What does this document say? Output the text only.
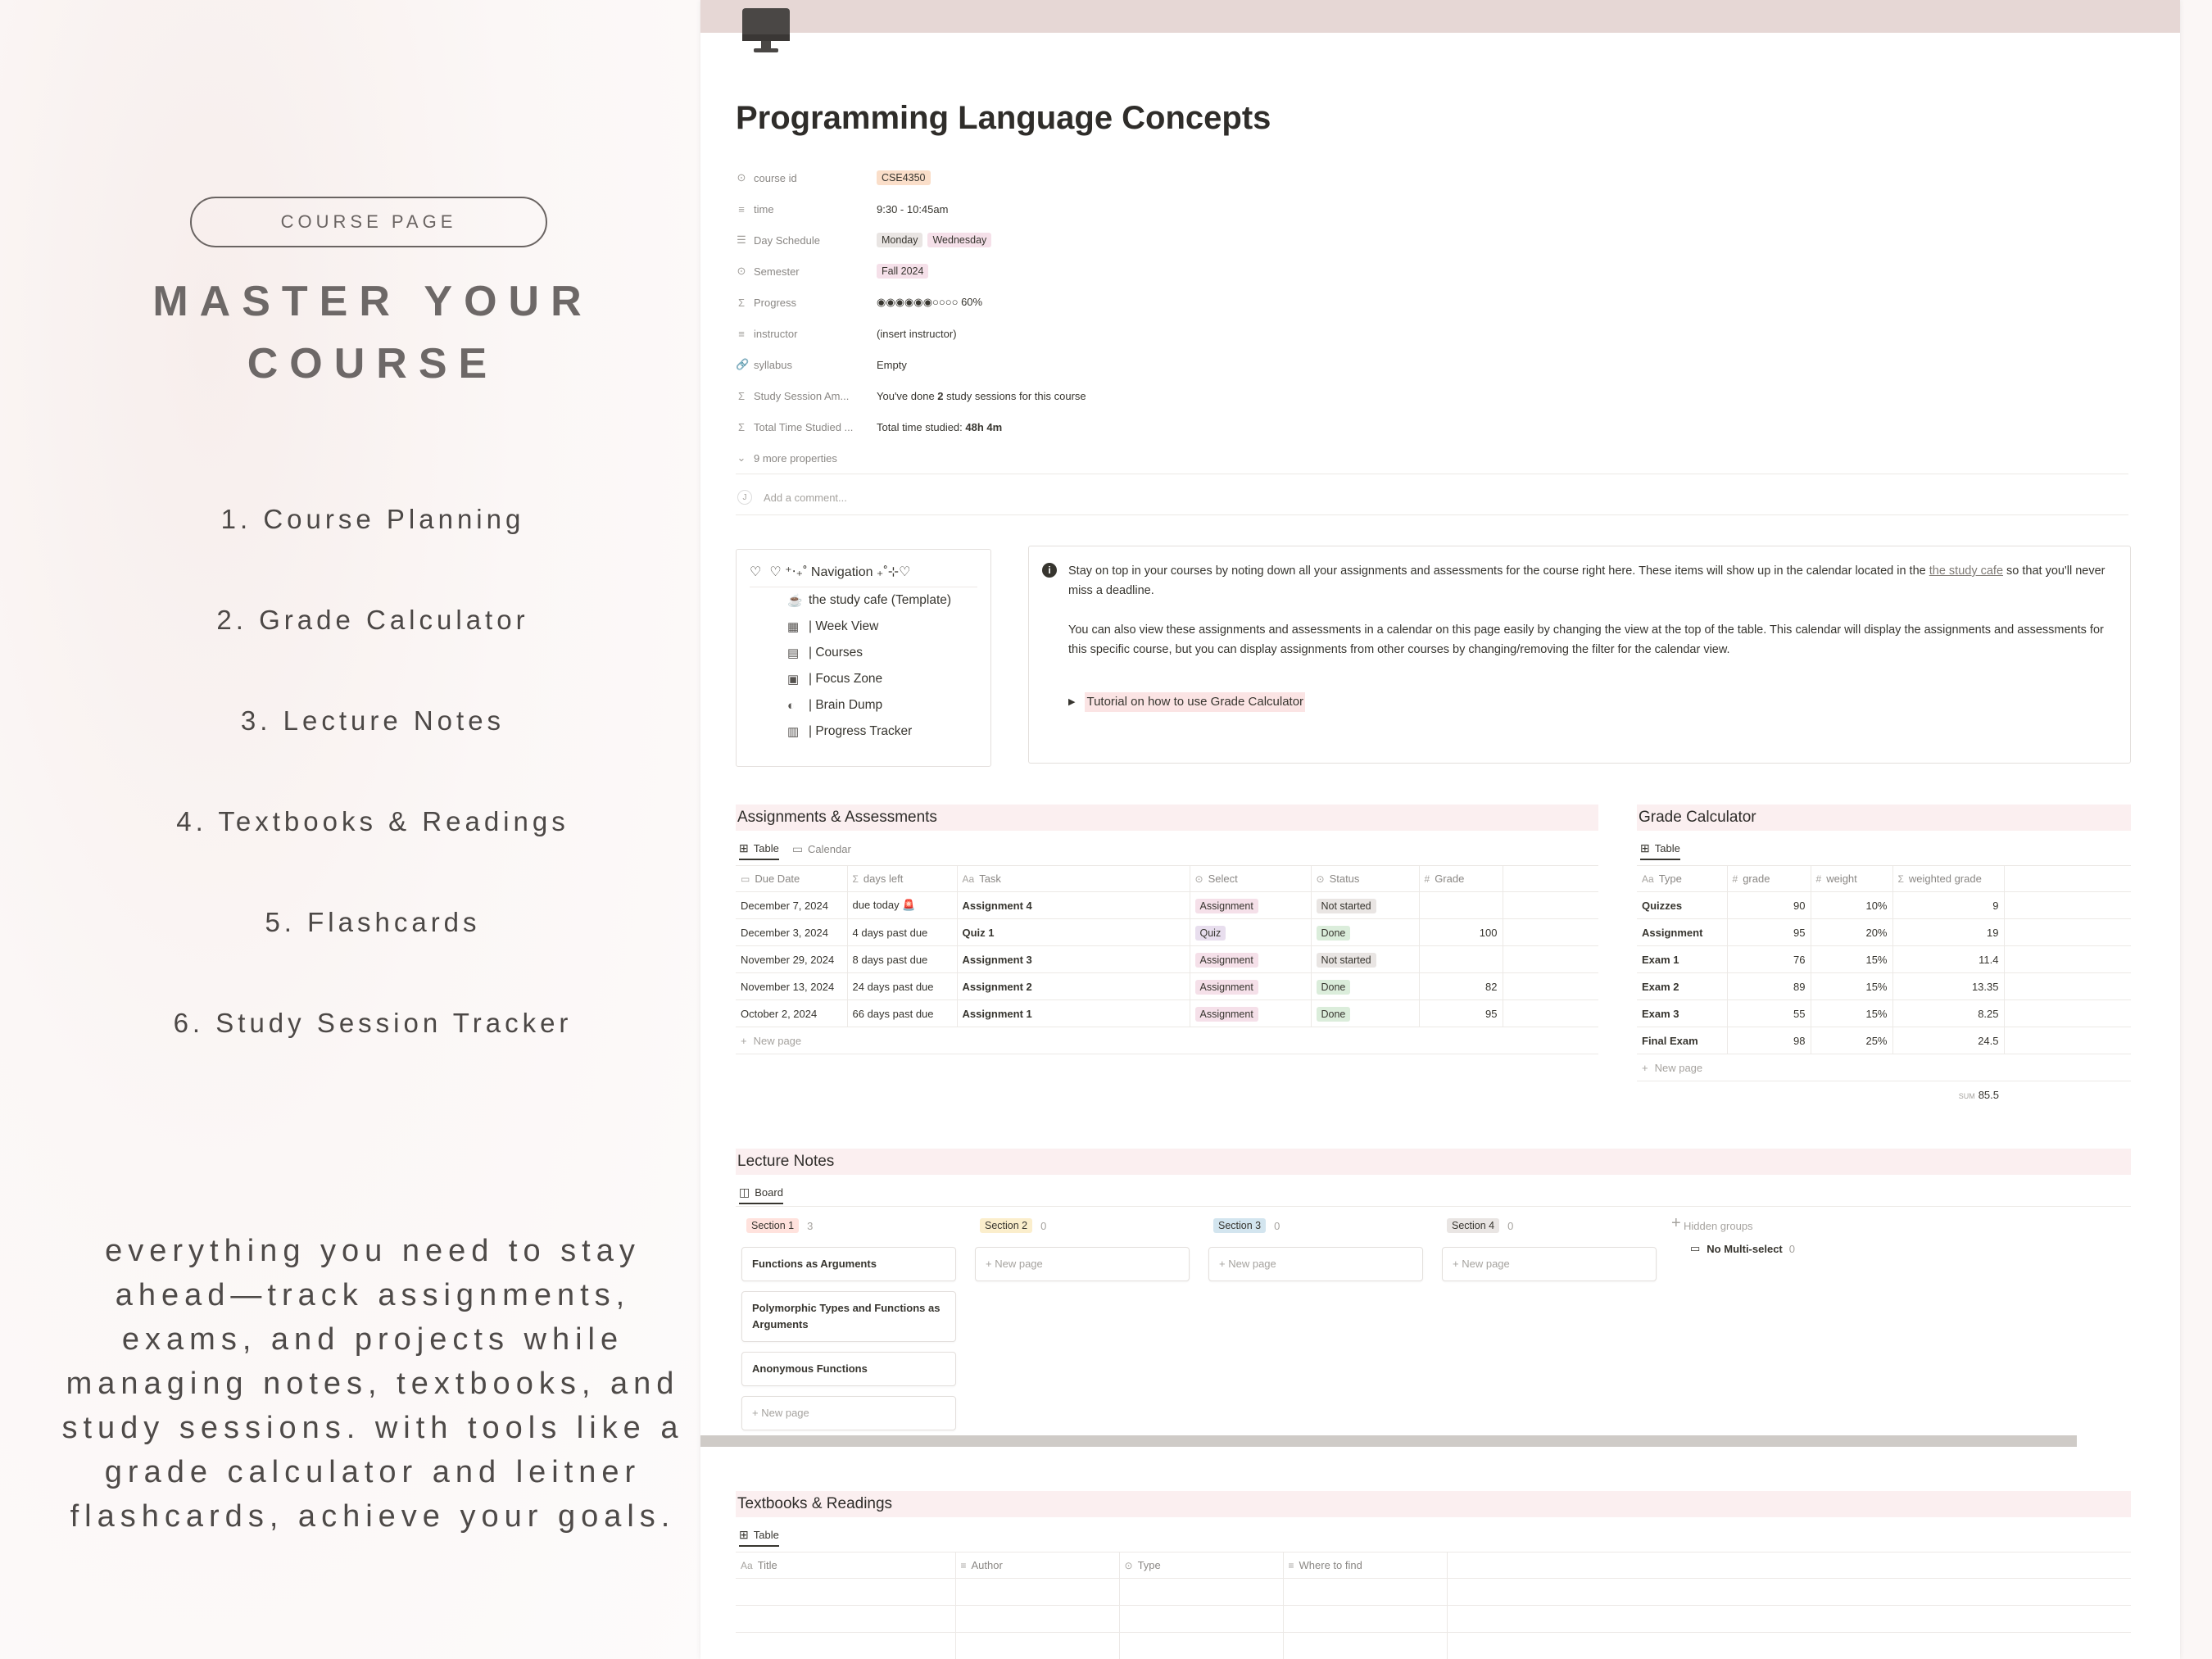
COURSE PAGE
MASTER YOUR
COURSE
1. Course Planning
2. Grade Calculator
3. Lecture Notes
4. Textbooks & Readings
5. Flashcards
6. Study Session Tracker
everything you need to stay ahead—track assignments, exams, and projects while managing notes, textbooks, and study sessions. with tools like a grade calculator and leitner flashcards, achieve your goals.
Programming Language Concepts
⊙ course id	CSE4350
≡ time	9:30 - 10:45am
☰ Day Schedule	Monday	Wednesday
⊙ Semester	Fall 2024
Σ Progress	◉◉◉◉◉◉○○○○ 60%
≡ instructor	(insert instructor)
🔗 syllabus	Empty
Σ Study Session Am...	You've done 2 study sessions for this course
Σ Total Time Studied ... Total time studied: 48h 4m
⌄ 9 more properties
J	Add a comment...
♡ ♡ ⁺‧₊˚ Navigation ₊˚⊹♡
☕ the study cafe (Template)
▦ | Week View
▤ | Courses
▣ | Focus Zone
◐	| Brain Dump
▥ | Progress Tracker
i	Stay on top in your courses by noting down all your assignments and assessments for the course right here. These items will show up in the calendar located in the the study cafe so that you'll never miss a deadline.

You can also view these assignments and assessments in a calendar on this page easily by changing the view at the top of the table. This calendar will display the assignments and assessments for this specific course, but you can display assignments from other courses by changing/removing the filter for the calendar view.

▶ Tutorial on how to use Grade Calculator
Assignments & Assessments
⊞ Table ▭ Calendar
▭ Due Date	Σ days left	Aa Task	⊙ Select	⊙ Status	# Grade	
December 7, 2024	due today 🚨	Assignment 4	Assignment	Not started		
December 3, 2024	4 days past due	Quiz 1	Quiz	Done	100	
November 29, 2024	8 days past due	Assignment 3	Assignment	Not started		
November 13, 2024	24 days past due	Assignment 2	Assignment	Done	82	
October 2, 2024	66 days past due	Assignment 1	Assignment	Done	95	

+ New page						
Grade Calculator
⊞ Table
Aa Type	# grade	# weight	Σ weighted grade	
Quizzes	90	10%	9	
Assignment	95	20%	19	
Exam 1	76	15%	11.4	
Exam 2	89	15%	13.35	
Exam 3	55	15%	8.25	
Final Exam	98	25%	24.5	

+ New page				

			SUM 85.5	
Lecture Notes
◫ Board
Section 1	3
Functions as Arguments
Polymorphic Types and Functions as Arguments
Anonymous Functions
+ New page
Section 2	0
+ New page
Section 3	0
+ New page
Section 4	0
+ New page
+ Hidden groups
▭ No Multi-select 0
Textbooks & Readings
⊞ Table
Aa Title	≡ Author	⊙ Type	≡ Where to find	
